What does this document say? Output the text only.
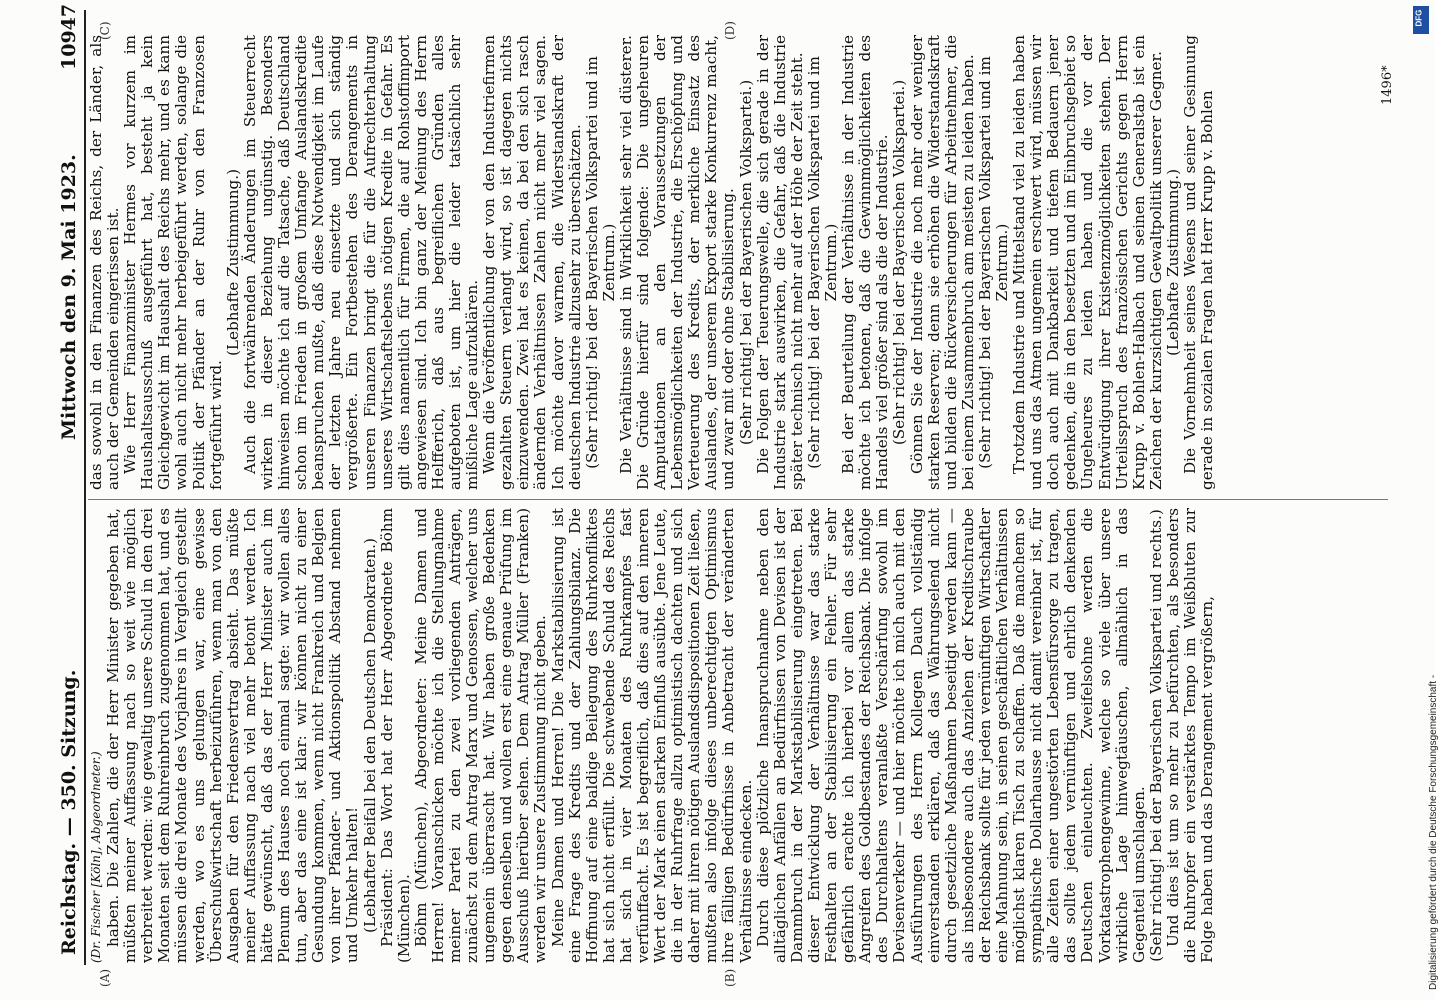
Reichstag. — 350. Sitzung.
Mittwoch den 9. Mai 1923.
10947
(A)	(B)
(C)	(D)

(Dr. Fischer [Köln], Abgeordneter.) haben. Die Zahlen, die der Herr Minister gegeben hat, müßten meiner Auffassung nach so weit wie möglich verbreitet werden: wie gewaltig unsere Schuld in den drei Monaten seit dem Ruhreinbruch zugenommen hat, und es müssen die drei Monate des Vorjahres in Vergleich gestellt werden, wo es uns gelungen war, eine gewisse Überschußwirtschaft herbeizuführen, wenn man von den Ausgaben für den Friedensvertrag absieht. Das müßte meiner Auffassung nach viel mehr betont werden. Ich hätte gewünscht, daß das der Herr Minister auch im Plenum des Hauses noch einmal sagte: wir wollen alles tun, aber das eine ist klar: wir können nicht zu einer Gesundung kommen, wenn nicht Frankreich und Belgien von ihrer Pfänder- und Aktionspolitik Abstand nehmen und Umkehr halten! (Lebhafter Beifall bei den Deutschen Demokraten.) Präsident: Das Wort hat der Herr Abgeordnete Böhm (München). Böhm (München), Abgeordneter: Meine Damen und Herren! Voranschicken möchte ich die Stellungnahme meiner Partei zu den zwei vorliegenden Anträgen, zunächst zu dem Antrag Marx und Genossen, welcher uns ungemein überrascht hat. Wir haben große Bedenken gegen denselben und wollen erst eine genaue Prüfung im Ausschuß hierüber sehen. Dem Antrag Müller (Franken) werden wir unsere Zustimmung nicht geben. Meine Damen und Herren! Die Markstabilisierung ist eine Frage des Kredits und der Zahlungsbilanz. Die Hoffnung auf eine baldige Beilegung des Ruhrkonfliktes hat sich nicht erfüllt. Die schwebende Schuld des Reichs hat sich in vier Monaten des Ruhrkampfes fast verfünffacht. Es ist begreiflich, daß dies auf den inneren Wert der Mark einen starken Einfluß ausübte. Jene Leute, die in der Ruhrfrage allzu optimistisch dachten und sich daher mit ihren nötigen Auslandsdispositionen Zeit ließen, mußten also infolge dieses unberechtigten Optimismus ihre fälligen Bedürfnisse in Anbetracht der veränderten Verhältnisse eindecken. Durch diese plötzliche Inanspruchnahme neben den alltäglichen Anfällen an Bedürfnissen von Devisen ist der Dammbruch in der Markstabilisierung eingetreten. Bei dieser Entwicklung der Verhältnisse war das starke Festhalten an der Stabilisierung ein Fehler. Für sehr gefährlich erachte ich hierbei vor allem das starke Angreifen des Goldbestandes der Reichsbank. Die infolge des Durchhaltens veranlaßte Verschärfung sowohl im Devisenverkehr — und hier möchte ich mich auch mit den Ausführungen des Herrn Kollegen Dauch vollständig einverstanden erklären, daß das Währungselend nicht durch gesetzliche Maßnahmen beseitigt werden kann — als insbesondere auch das Anziehen der Kreditschraube der Reichsbank sollte für jeden vernünftigen Wirtschaftler eine Mahnung sein, in seinen geschäftlichen Verhältnissen möglichst klaren Tisch zu schaffen. Daß die manchem so sympathische Dollarhausse nicht damit vereinbar ist, für alle Zeiten einer ungestörten Lebensfürsorge zu tragen, das sollte jedem vernünftigen und ehrlich denkenden Deutschen einleuchten. Zweifelsohne werden die Vorkatastrophengewinne, welche so viele über unsere wirkliche Lage hinwegtäuschen, allmählich in das Gegenteil umschlagen. (Sehr richtig! bei der Bayerischen Volkspartei und rechts.) Und dies ist um so mehr zu befürchten, als besonders die Ruhropfer ein verstärktes Tempo im Weißbluten zur Folge haben und das Derangement vergrößern,

das sowohl in den Finanzen des Reichs, der Länder, als auch der Gemeinden eingerissen ist. Wie Herr Finanzminister Hermes vor kurzem im Haushaltsausschuß ausgeführt hat, besteht ja kein Gleichgewicht im Haushalt des Reichs mehr, und es kann wohl auch nicht mehr herbeigeführt werden, solange die Politik der Pfänder an der Ruhr von den Franzosen fortgeführt wird.

(Lebhafte Zustimmung.) Auch die fortwährenden Änderungen im Steuerrecht wirken in dieser Beziehung ungünstig. Besonders hinweisen möchte ich auf die Tatsache, daß Deutschland schon im Frieden in großem Umfange Auslandskredite beanspruchen mußte, daß diese Notwendigkeit im Laufe der letzten Jahre neu einsetzte und sich ständig vergrößerte. Ein Fortbestehen des Derangements in unseren Finanzen bringt die für die Aufrechterhaltung unseres Wirtschaftslebens nötigen Kredite in Gefahr. Es gilt dies namentlich für Firmen, die auf Rohstoffimport angewiesen sind. Ich bin ganz der Meinung des Herrn Helfferich, daß aus begreiflichen Gründen alles aufgeboten ist, um hier die leider tatsächlich sehr mißliche Lage aufzuklären. Wenn die Veröffentlichung der von den Industriefirmen gezahlten Steuern verlangt wird, so ist dagegen nichts einzuwenden. Zwei hat es keinen, da bei den sich rasch ändernden Verhältnissen Zahlen nicht mehr viel sagen. Ich möchte davor warnen, die Widerstandskraft der deutschen Industrie allzusehr zu überschätzen. (Sehr richtig! bei der Bayerischen Volkspartei und im Zentrum.) Die Verhältnisse sind in Wirklichkeit sehr viel düsterer. Die Gründe hierfür sind folgende: Die ungeheuren Amputationen an den Voraussetzungen der Lebensmöglichkeiten der Industrie, die Erschöpfung und Verteuerung des Kredits, der merkliche Einsatz des Auslandes, der unserem Export starke Konkurrenz macht, und zwar mit oder ohne Stabilisierung. (Sehr richtig! bei der Bayerischen Volkspartei.) Die Folgen der Teuerungswelle, die sich gerade in der Industrie stark auswirken, die Gefahr, daß die Industrie später technisch nicht mehr auf der Höhe der Zeit steht. (Sehr richtig! bei der Bayerischen Volkspartei und im Zentrum.) Bei der Beurteilung der Verhältnisse in der Industrie möchte ich betonen, daß die Gewinnmöglichkeiten des Handels viel größer sind als die der Industrie. (Sehr richtig! bei der Bayerischen Volkspartei.) Gönnen Sie der Industrie die noch mehr oder weniger starken Reserven; denn sie erhöhen die Widerstandskraft und bilden die Rückversicherungen für Arbeitnehmer, die bei einem Zusammenbruch am meisten zu leiden haben. (Sehr richtig! bei der Bayerischen Volkspartei und im Zentrum.) Trotzdem Industrie und Mittelstand viel zu leiden haben und uns das Atmen ungemein erschwert wird, müssen wir doch auch mit Dankbarkeit und tiefem Bedauern jener gedenken, die in den besetzten und im Einbruchsgebiet so Ungeheures zu leiden haben und die vor der Entwürdigung ihrer Existenzmöglichkeiten stehen. Der Urteilsspruch des französischen Gerichts gegen Herrn Krupp v. Bohlen-Halbach und seinen Generalstab ist ein Zeichen der kurzsichtigen Gewaltpolitik unserer Gegner. (Lebhafte Zustimmung.) Die Vornehmheit seines Wesens und seiner Gesinnung gerade in sozialen Fragen hat Herr Krupp v. Bohlen

1496*
Digitalisierung gefördert durch die Deutsche Forschungsgemeinschaft -
DFG
